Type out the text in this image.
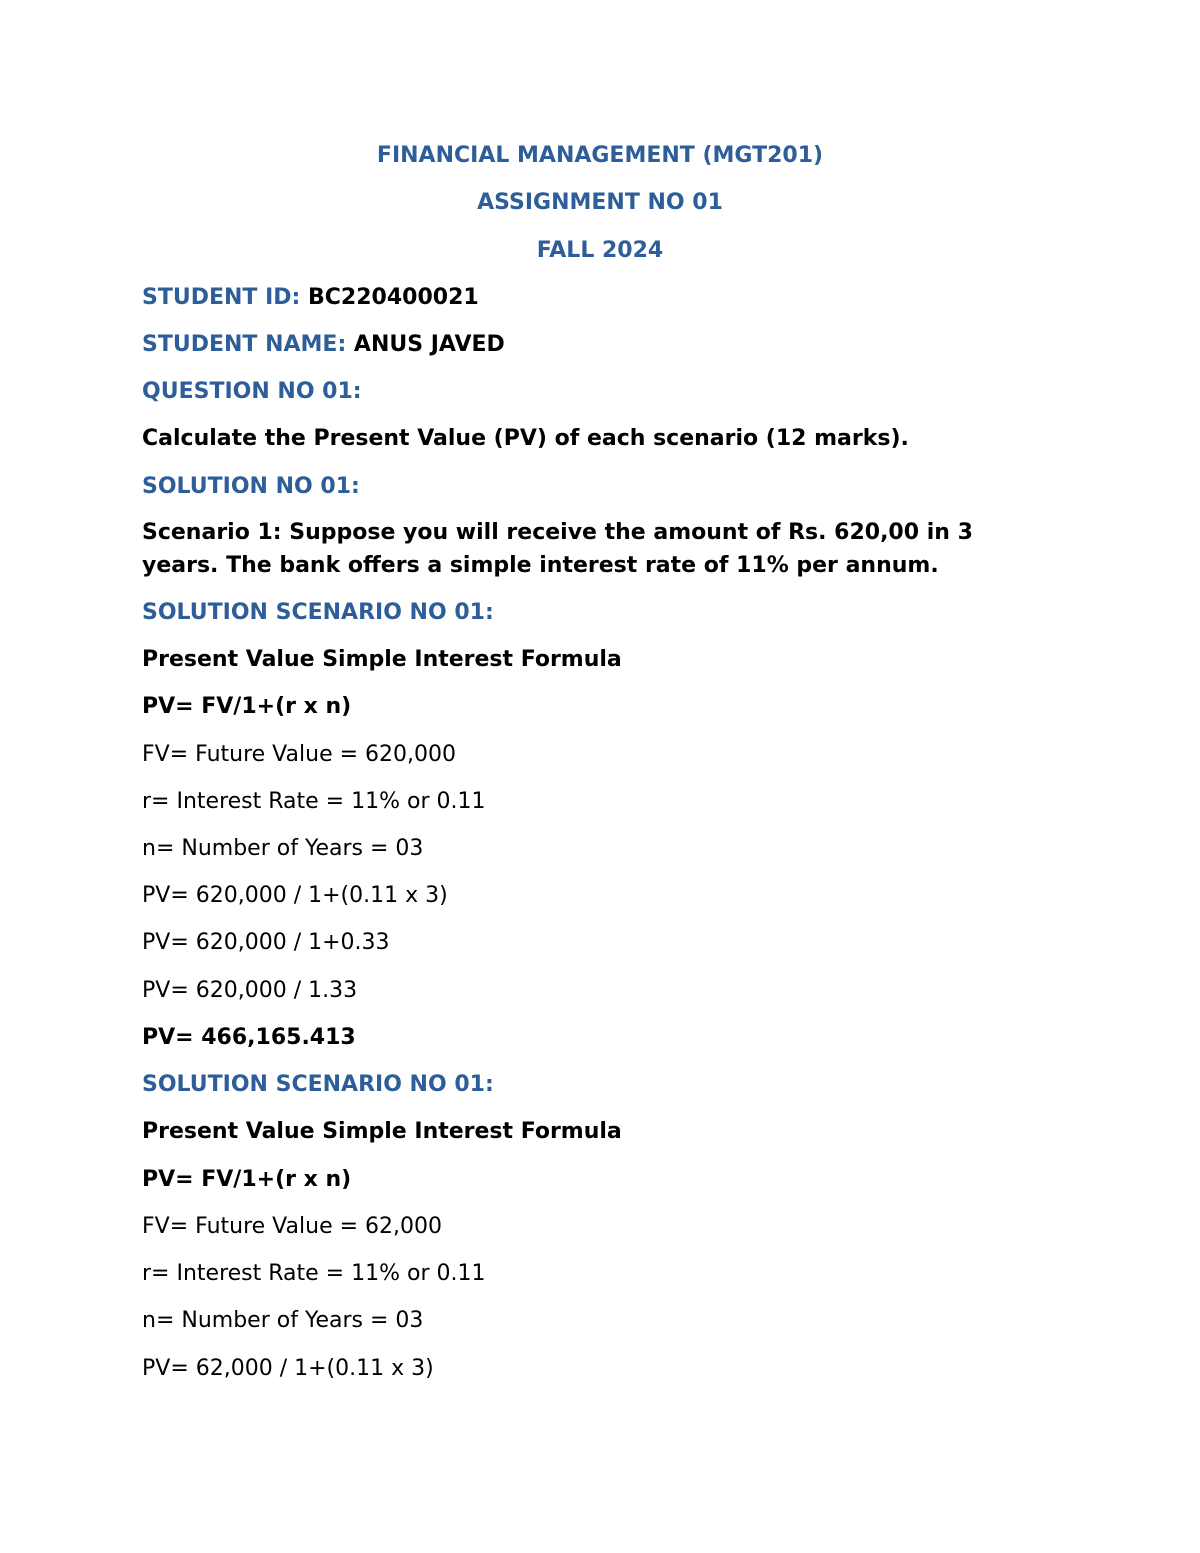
FINANCIAL MANAGEMENT (MGT201)
ASSIGNMENT NO 01
FALL 2024
STUDENT ID: BC220400021
STUDENT NAME: ANUS JAVED
QUESTION NO 01:
Calculate the Present Value (PV) of each scenario (12 marks).
SOLUTION NO 01:
Scenario 1: Suppose you will receive the amount of Rs. 620,00 in 3
years. The bank offers a simple interest rate of 11% per annum.
SOLUTION SCENARIO NO 01:
Present Value Simple Interest Formula
PV= FV/1+(r x n)
FV= Future Value = 620,000
r= Interest Rate = 11% or 0.11
n= Number of Years = 03
PV= 620,000 / 1+(0.11 x 3)
PV= 620,000 / 1+0.33
PV= 620,000 / 1.33
PV= 466,165.413
SOLUTION SCENARIO NO 01:
Present Value Simple Interest Formula
PV= FV/1+(r x n)
FV= Future Value = 62,000
r= Interest Rate = 11% or 0.11
n= Number of Years = 03
PV= 62,000 / 1+(0.11 x 3)
